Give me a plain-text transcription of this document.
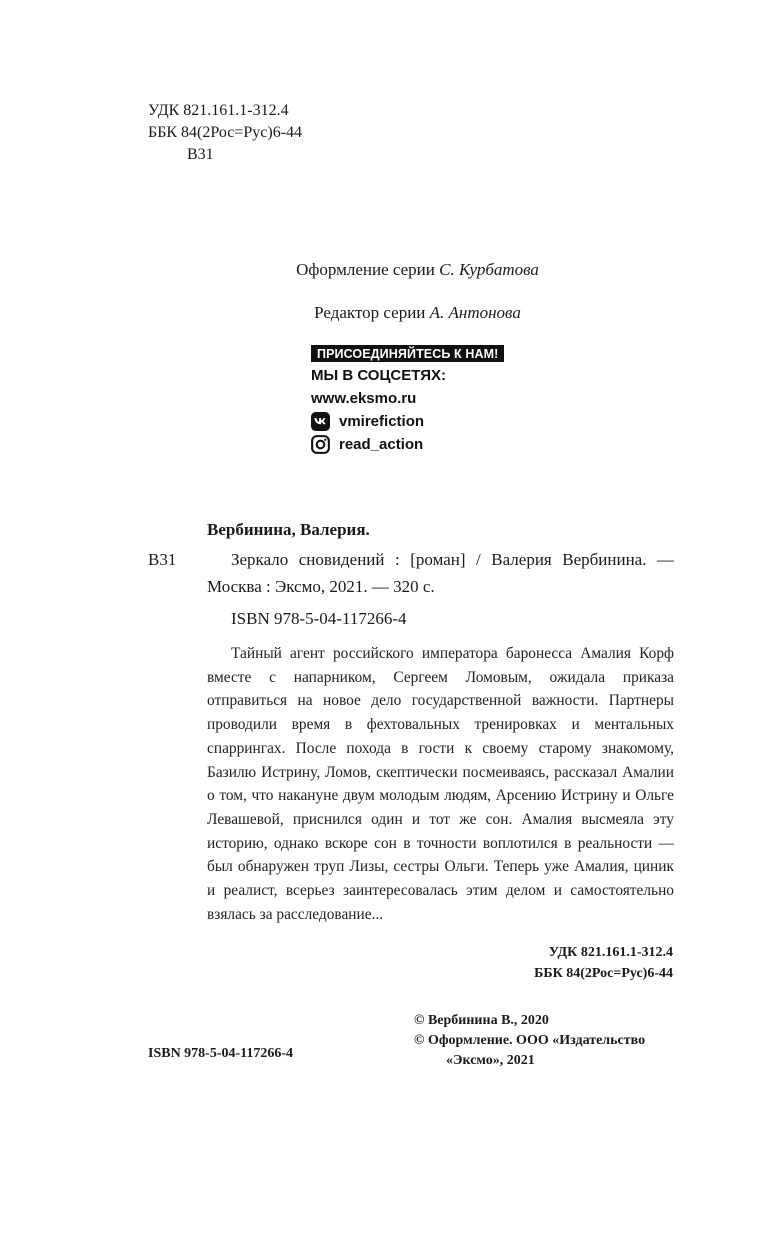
УДК 821.161.1-312.4
ББК 84(2Рос=Рус)6-44
В31
Оформление серии С. Курбатова
Редактор серии А. Антонова
ПРИСОЕДИНЯЙТЕСЬ К НАМ!
МЫ В СОЦСЕТЯХ:
www.eksmo.ru
vmirefiction
read_action
Вербинина, Валерия.
В31	Зеркало сновидений : [роман] / Валерия Вербинина. — Москва : Эксмо, 2021. — 320 с.
ISBN 978-5-04-117266-4
Тайный агент российского императора баронесса Амалия Корф вместе с напарником, Сергеем Ломовым, ожидала приказа отправиться на новое дело государственной важности. Партнеры проводили время в фехтовальных тренировках и ментальных спаррингах. После похода в гости к своему старому знакомому, Базилю Истрину, Ломов, скептически посмеиваясь, рассказал Амалии о том, что накануне двум молодым людям, Арсению Истрину и Ольге Левашевой, приснился один и тот же сон. Амалия высмеяла эту историю, однако вскоре сон в точности воплотился в реальности — был обнаружен труп Лизы, сестры Ольги. Теперь уже Амалия, циник и реалист, всерьез заинтересовалась этим делом и самостоятельно взялась за расследование...
УДК 821.161.1-312.4
ББК 84(2Рос=Рус)6-44
© Вербинина В., 2020
© Оформление. ООО «Издательство
«Эксмо», 2021
ISBN 978-5-04-117266-4
